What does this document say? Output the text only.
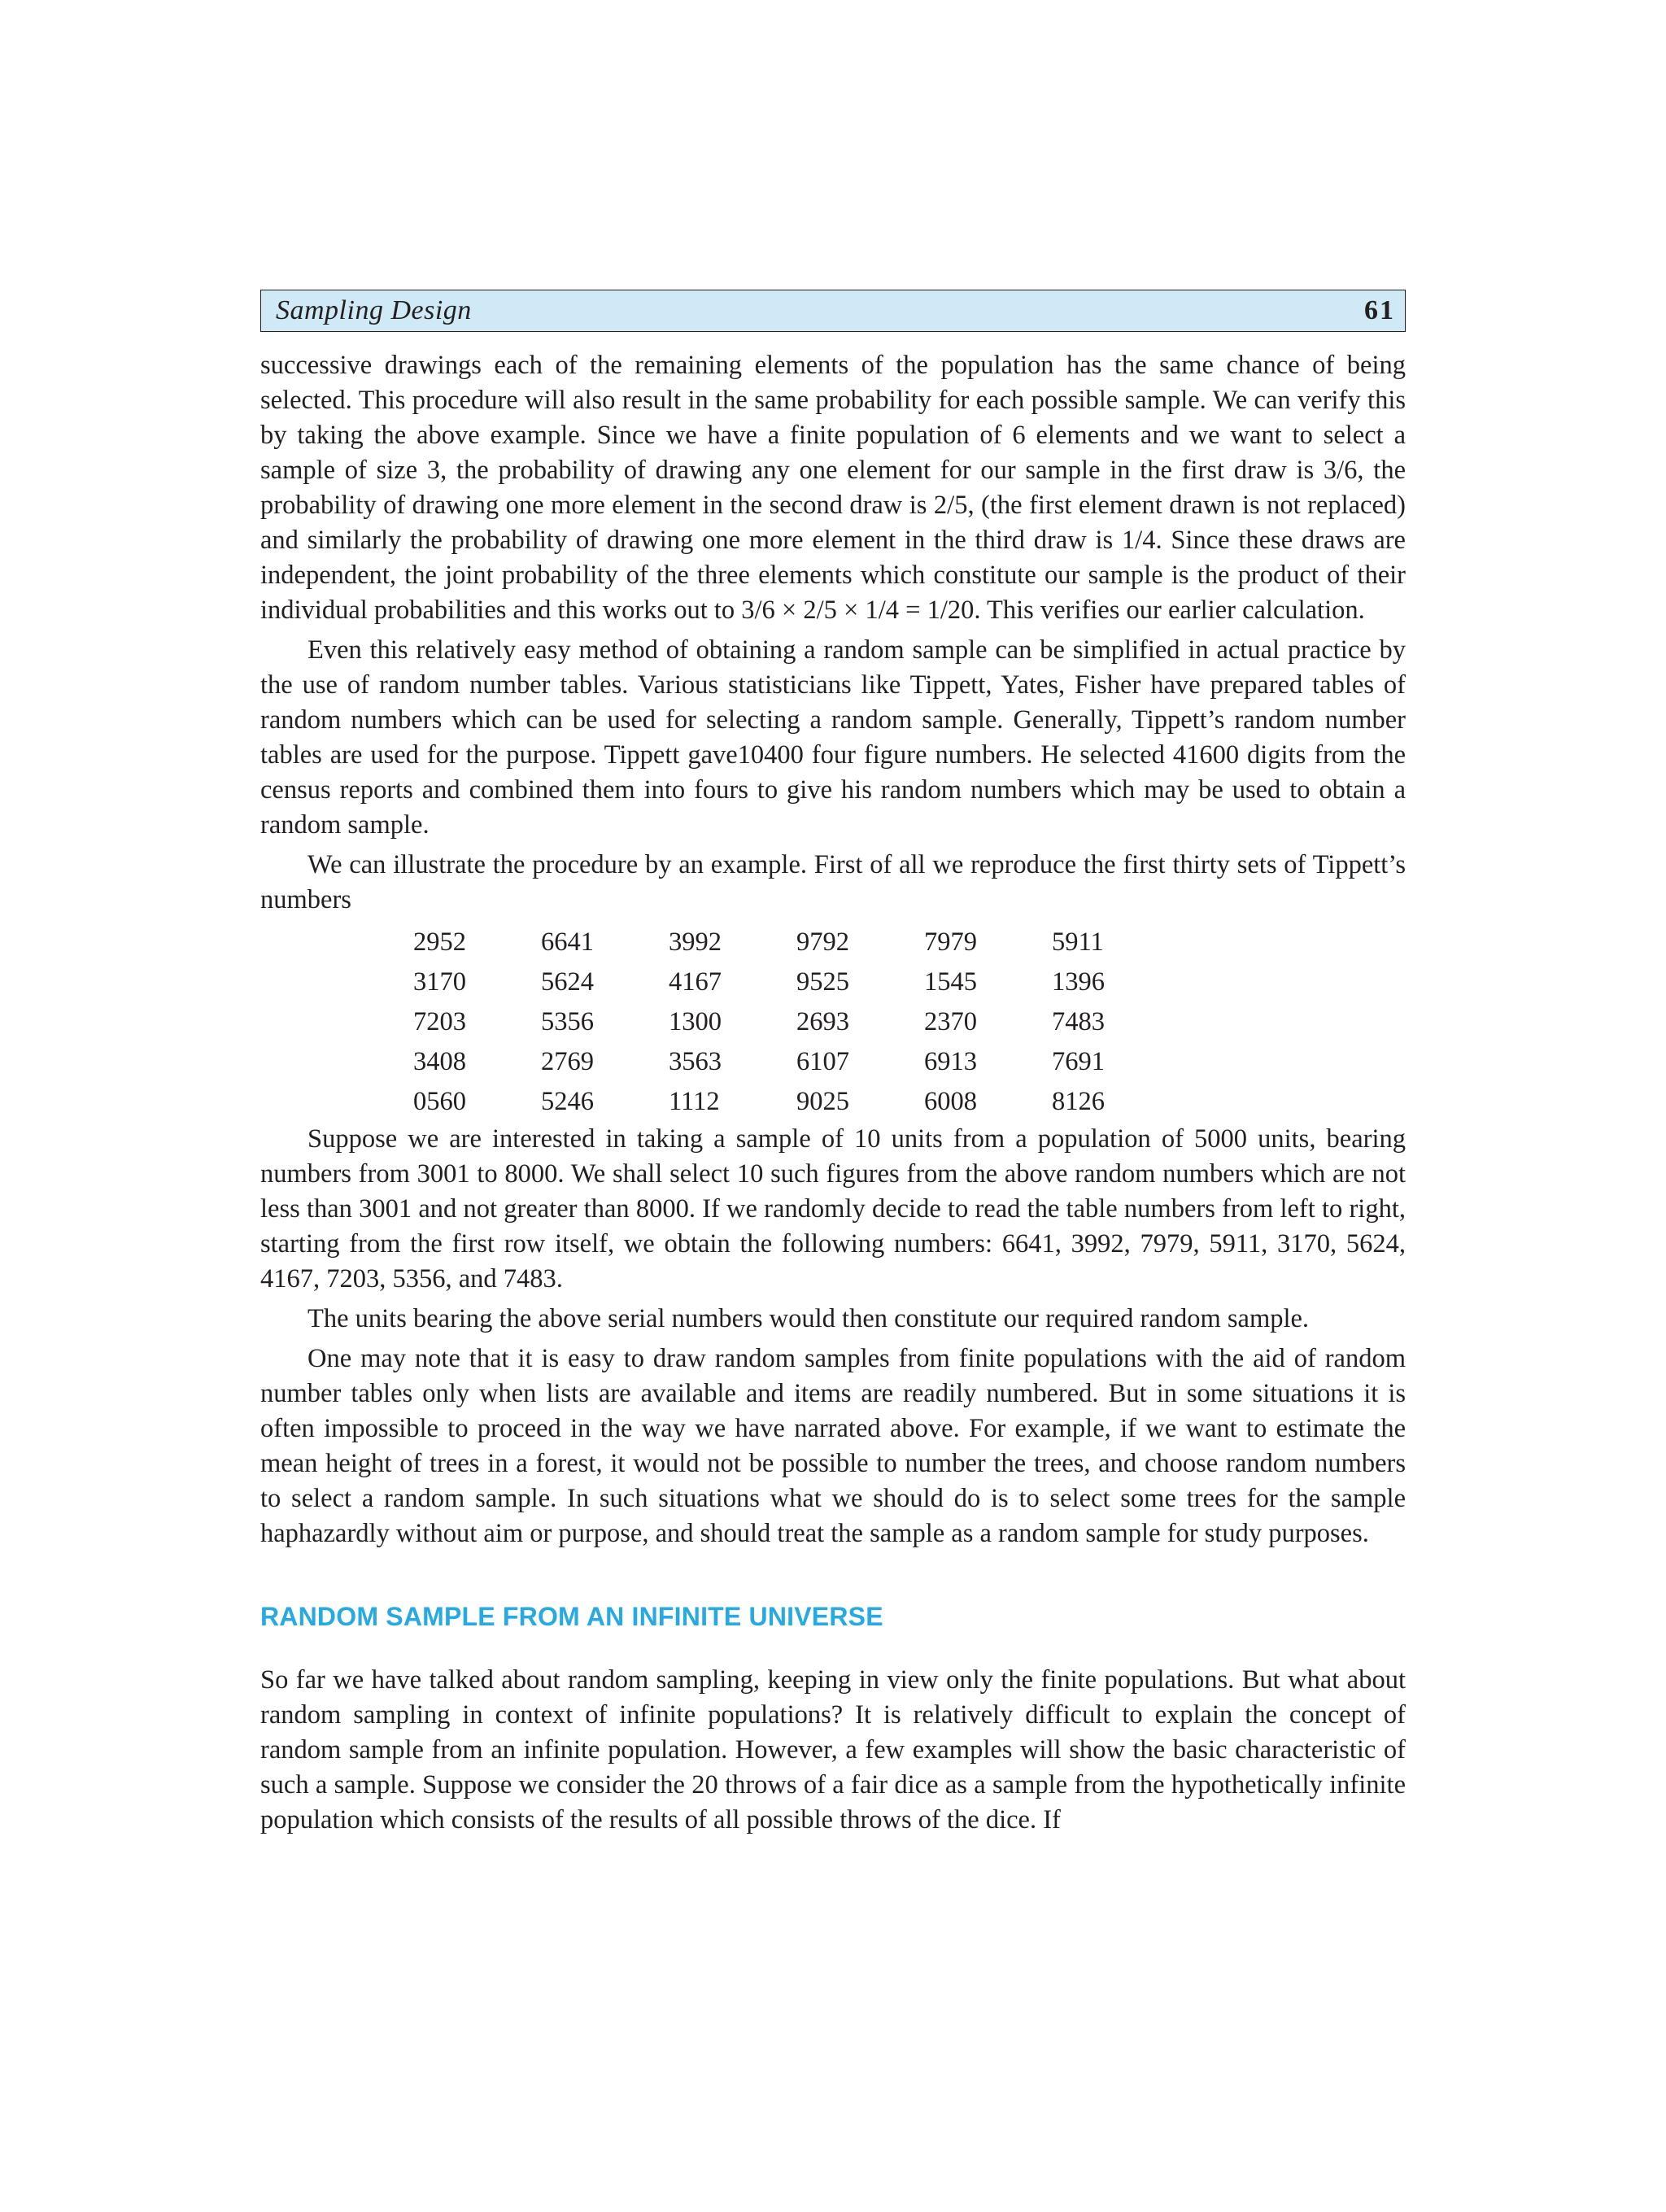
Sampling Design	61

successive drawings each of the remaining elements of the population has the same chance of being selected. This procedure will also result in the same probability for each possible sample. We can verify this by taking the above example. Since we have a finite population of 6 elements and we want to select a sample of size 3, the probability of drawing any one element for our sample in the first draw is 3/6, the probability of drawing one more element in the second draw is 2/5, (the first element drawn is not replaced) and similarly the probability of drawing one more element in the third draw is 1/4. Since these draws are independent, the joint probability of the three elements which constitute our sample is the product of their individual probabilities and this works out to 3/6 × 2/5 × 1/4 = 1/20. This verifies our earlier calculation.

Even this relatively easy method of obtaining a random sample can be simplified in actual practice by the use of random number tables. Various statisticians like Tippett, Yates, Fisher have prepared tables of random numbers which can be used for selecting a random sample. Generally, Tippett’s random number tables are used for the purpose. Tippett gave10400 four figure numbers. He selected 41600 digits from the census reports and combined them into fours to give his random numbers which may be used to obtain a random sample.

We can illustrate the procedure by an example. First of all we reproduce the first thirty sets of Tippett’s numbers

2952	6641	3992	9792	7979	5911
3170	5624	4167	9525	1545	1396
7203	5356	1300	2693	2370	7483
3408	2769	3563	6107	6913	7691
0560	5246	1112	9025	6008	8126

Suppose we are interested in taking a sample of 10 units from a population of 5000 units, bearing numbers from 3001 to 8000. We shall select 10 such figures from the above random numbers which are not less than 3001 and not greater than 8000. If we randomly decide to read the table numbers from left to right, starting from the first row itself, we obtain the following numbers: 6641, 3992, 7979, 5911, 3170, 5624, 4167, 7203, 5356, and 7483.

The units bearing the above serial numbers would then constitute our required random sample.

One may note that it is easy to draw random samples from finite populations with the aid of random number tables only when lists are available and items are readily numbered. But in some situations it is often impossible to proceed in the way we have narrated above. For example, if we want to estimate the mean height of trees in a forest, it would not be possible to number the trees, and choose random numbers to select a random sample. In such situations what we should do is to select some trees for the sample haphazardly without aim or purpose, and should treat the sample as a random sample for study purposes.

RANDOM SAMPLE FROM AN INFINITE UNIVERSE

So far we have talked about random sampling, keeping in view only the finite populations. But what about random sampling in context of infinite populations? It is relatively difficult to explain the concept of random sample from an infinite population. However, a few examples will show the basic characteristic of such a sample. Suppose we consider the 20 throws of a fair dice as a sample from the hypothetically infinite population which consists of the results of all possible throws of the dice. If
